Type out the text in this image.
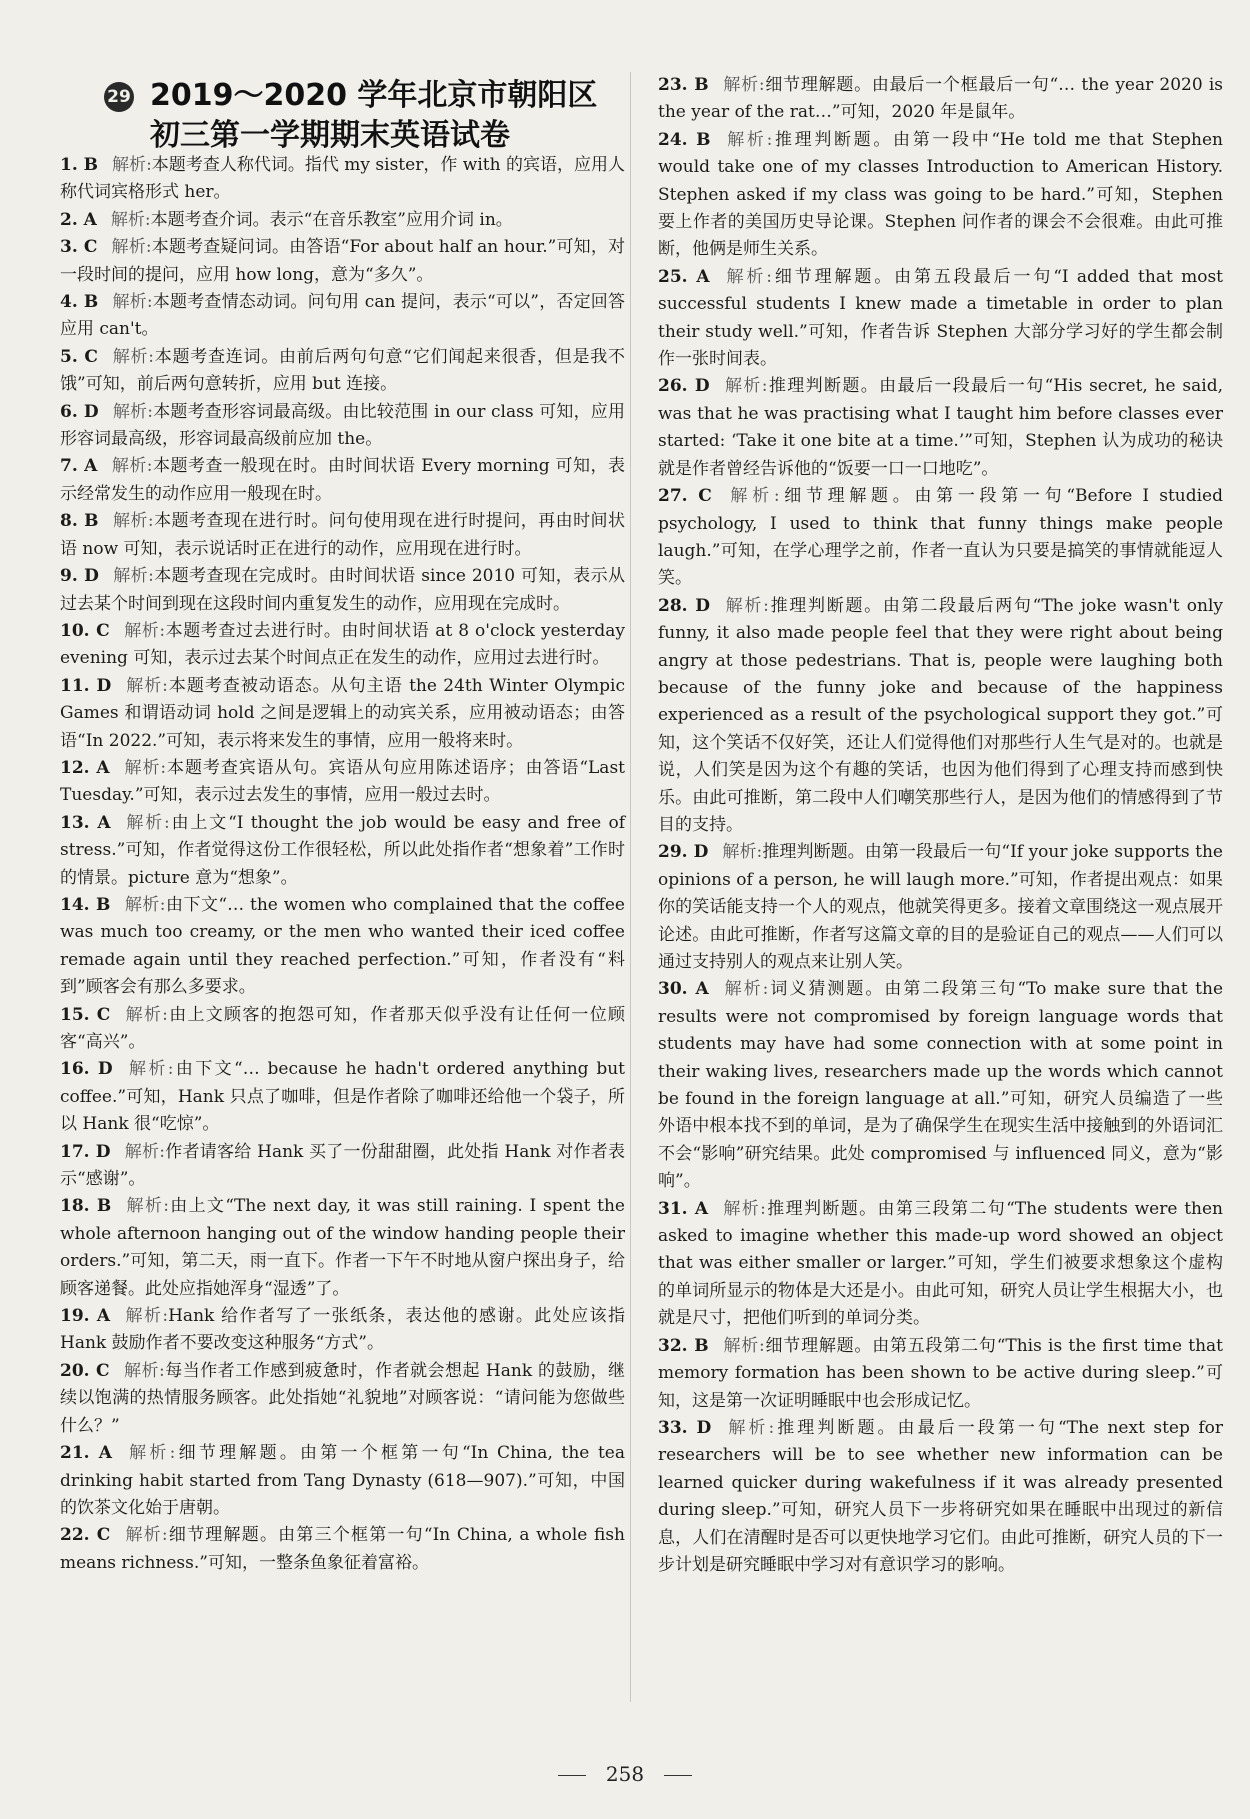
29 2019～2020 学年北京市朝阳区
初三第一学期期末英语试卷
1. B 解析:本题考查人称代词。指代 my sister，作 with 的宾语，应用人称代词宾格形式 her。
2. A 解析:本题考查介词。表示“在音乐教室”应用介词 in。
3. C 解析:本题考查疑问词。由答语“For about half an hour.”可知，对一段时间的提问，应用 how long，意为“多久”。
4. B 解析:本题考查情态动词。问句用 can 提问，表示“可以”，否定回答应用 can't。
5. C 解析:本题考查连词。由前后两句句意“它们闻起来很香，但是我不饿”可知，前后两句意转折，应用 but 连接。
6. D 解析:本题考查形容词最高级。由比较范围 in our class 可知，应用形容词最高级，形容词最高级前应加 the。
7. A 解析:本题考查一般现在时。由时间状语 Every morning 可知，表示经常发生的动作应用一般现在时。
8. B 解析:本题考查现在进行时。问句使用现在进行时提问，再由时间状语 now 可知，表示说话时正在进行的动作，应用现在进行时。
9. D 解析:本题考查现在完成时。由时间状语 since 2010 可知，表示从过去某个时间到现在这段时间内重复发生的动作，应用现在完成时。
10. C 解析:本题考查过去进行时。由时间状语 at 8 o'clock yesterday evening 可知，表示过去某个时间点正在发生的动作，应用过去进行时。
11. D 解析:本题考查被动语态。从句主语 the 24th Winter Olympic Games 和谓语动词 hold 之间是逻辑上的动宾关系，应用被动语态；由答语“In 2022.”可知，表示将来发生的事情，应用一般将来时。
12. A 解析:本题考查宾语从句。宾语从句应用陈述语序；由答语“Last Tuesday.”可知，表示过去发生的事情，应用一般过去时。
13. A 解析:由上文“I thought the job would be easy and free of stress.”可知，作者觉得这份工作很轻松，所以此处指作者“想象着”工作时的情景。picture 意为“想象”。
14. B 解析:由下文“… the women who complained that the coffee was much too creamy, or the men who wanted their iced coffee remade again until they reached perfection.”可知，作者没有“料到”顾客会有那么多要求。
15. C 解析:由上文顾客的抱怨可知，作者那天似乎没有让任何一位顾客“高兴”。
16. D 解析:由下文“… because he hadn't ordered anything but coffee.”可知，Hank 只点了咖啡，但是作者除了咖啡还给他一个袋子，所以 Hank 很“吃惊”。
17. D 解析:作者请客给 Hank 买了一份甜甜圈，此处指 Hank 对作者表示“感谢”。
18. B 解析:由上文“The next day, it was still raining. I spent the whole afternoon hanging out of the window handing people their orders.”可知，第二天，雨一直下。作者一下午不时地从窗户探出身子，给顾客递餐。此处应指她浑身“湿透”了。
19. A 解析:Hank 给作者写了一张纸条，表达他的感谢。此处应该指 Hank 鼓励作者不要改变这种服务“方式”。
20. C 解析:每当作者工作感到疲惫时，作者就会想起 Hank 的鼓励，继续以饱满的热情服务顾客。此处指她“礼貌地”对顾客说：“请问能为您做些什么？”
21. A 解析:细节理解题。由第一个框第一句“In China, the tea drinking habit started from Tang Dynasty (618—907).”可知，中国的饮茶文化始于唐朝。
22. C 解析:细节理解题。由第三个框第一句“In China, a whole fish means richness.”可知，一整条鱼象征着富裕。
23. B 解析:细节理解题。由最后一个框最后一句“… the year 2020 is the year of the rat…”可知，2020 年是鼠年。
24. B 解析:推理判断题。由第一段中“He told me that Stephen would take one of my classes Introduction to American History. Stephen asked if my class was going to be hard.”可知，Stephen 要上作者的美国历史导论课。Stephen 问作者的课会不会很难。由此可推断，他俩是师生关系。
25. A 解析:细节理解题。由第五段最后一句“I added that most successful students I knew made a timetable in order to plan their study well.”可知，作者告诉 Stephen 大部分学习好的学生都会制作一张时间表。
26. D 解析:推理判断题。由最后一段最后一句“His secret, he said, was that he was practising what I taught him before classes ever started: ‘Take it one bite at a time.’”可知，Stephen 认为成功的秘诀就是作者曾经告诉他的“饭要一口一口地吃”。
27. C 解析:细节理解题。由第一段第一句“Before I studied psychology, I used to think that funny things make people laugh.”可知，在学心理学之前，作者一直认为只要是搞笑的事情就能逗人笑。
28. D 解析:推理判断题。由第二段最后两句“The joke wasn't only funny, it also made people feel that they were right about being angry at those pedestrians. That is, people were laughing both because of the funny joke and because of the happiness experienced as a result of the psychological support they got.”可知，这个笑话不仅好笑，还让人们觉得他们对那些行人生气是对的。也就是说，人们笑是因为这个有趣的笑话，也因为他们得到了心理支持而感到快乐。由此可推断，第二段中人们嘲笑那些行人，是因为他们的情感得到了节目的支持。
29. D 解析:推理判断题。由第一段最后一句“If your joke supports the opinions of a person, he will laugh more.”可知，作者提出观点：如果你的笑话能支持一个人的观点，他就笑得更多。接着文章围绕这一观点展开论述。由此可推断，作者写这篇文章的目的是验证自己的观点——人们可以通过支持别人的观点来让别人笑。
30. A 解析:词义猜测题。由第二段第三句“To make sure that the results were not compromised by foreign language words that students may have had some connection with at some point in their waking lives, researchers made up the words which cannot be found in the foreign language at all.”可知，研究人员编造了一些外语中根本找不到的单词，是为了确保学生在现实生活中接触到的外语词汇不会“影响”研究结果。此处 compromised 与 influenced 同义，意为“影响”。
31. A 解析:推理判断题。由第三段第二句“The students were then asked to imagine whether this made-up word showed an object that was either smaller or larger.”可知，学生们被要求想象这个虚构的单词所显示的物体是大还是小。由此可知，研究人员让学生根据大小，也就是尺寸，把他们听到的单词分类。
32. B 解析:细节理解题。由第五段第二句“This is the first time that memory formation has been shown to be active during sleep.”可知，这是第一次证明睡眠中也会形成记忆。
33. D 解析:推理判断题。由最后一段第一句“The next step for researchers will be to see whether new information can be learned quicker during wakefulness if it was already presented during sleep.”可知，研究人员下一步将研究如果在睡眠中出现过的新信息，人们在清醒时是否可以更快地学习它们。由此可推断，研究人员的下一步计划是研究睡眠中学习对有意识学习的影响。
258
